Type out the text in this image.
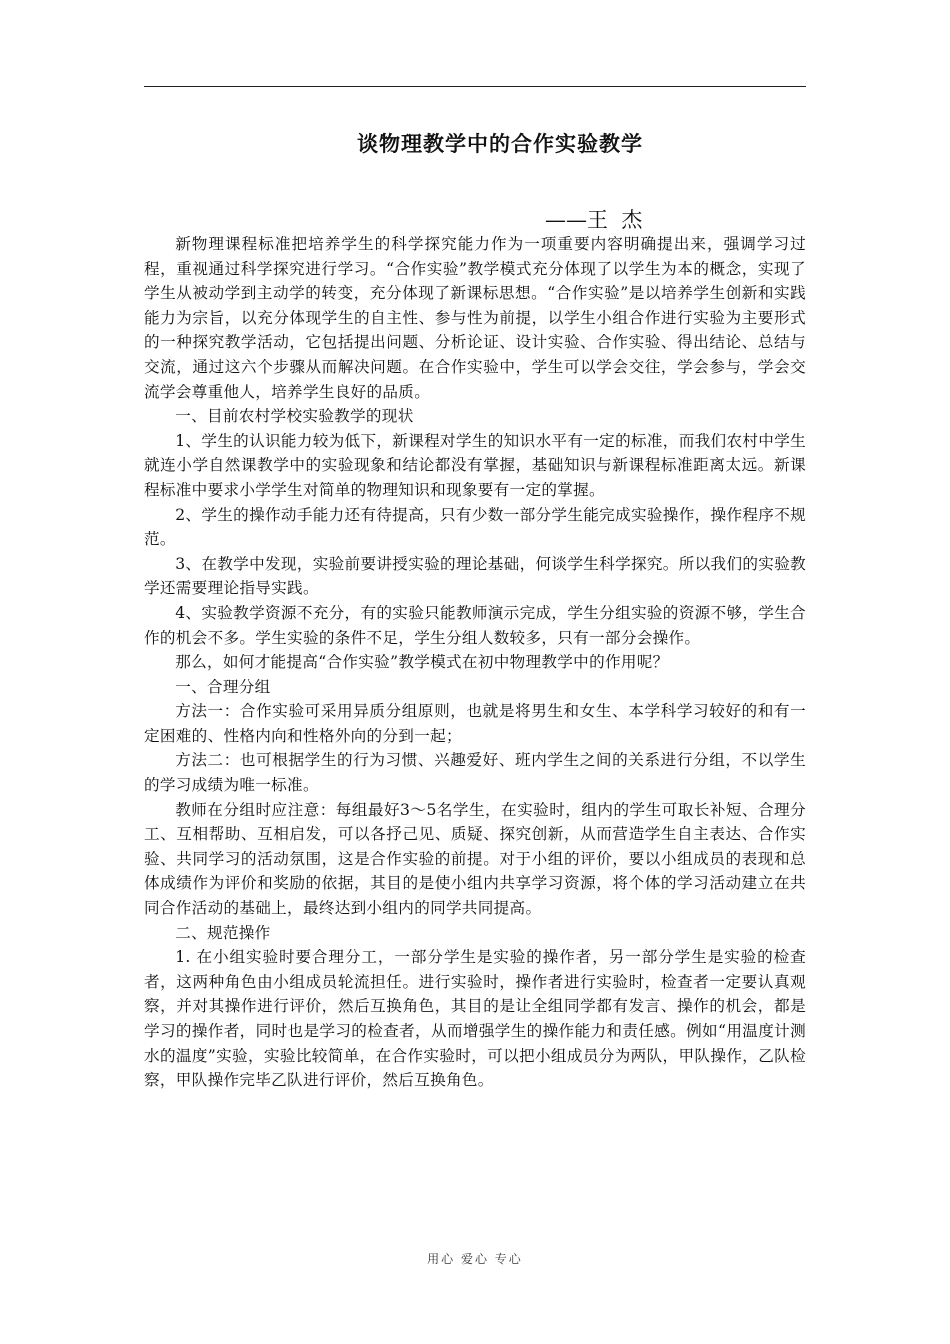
谈物理教学中的合作实验教学
——王  杰

新物理课程标准把培养学生的科学探究能力作为一项重要内容明确提出来，强调学习过程，重视通过科学探究进行学习。“合作实验”教学模式充分体现了以学生为本的概念，实现了学生从被动学到主动学的转变，充分体现了新课标思想。“合作实验”是以培养学生创新和实践能力为宗旨，以充分体现学生的自主性、参与性为前提，以学生小组合作进行实验为主要形式的一种探究教学活动，它包括提出问题、分析论证、设计实验、合作实验、得出结论、总结与交流，通过这六个步骤从而解决问题。在合作实验中，学生可以学会交往，学会参与，学会交流学会尊重他人，培养学生良好的品质。

一、目前农村学校实验教学的现状

1、学生的认识能力较为低下，新课程对学生的知识水平有一定的标准，而我们农村中学生就连小学自然课教学中的实验现象和结论都没有掌握，基础知识与新课程标准距离太远。新课程标准中要求小学学生对简单的物理知识和现象要有一定的掌握。

2、学生的操作动手能力还有待提高，只有少数一部分学生能完成实验操作，操作程序不规范。

3、在教学中发现，实验前要讲授实验的理论基础，何谈学生科学探究。所以我们的实验教学还需要理论指导实践。

4、实验教学资源不充分，有的实验只能教师演示完成，学生分组实验的资源不够，学生合作的机会不多。学生实验的条件不足，学生分组人数较多，只有一部分会操作。

那么，如何才能提高“合作实验”教学模式在初中物理教学中的作用呢？

一、合理分组

方法一：合作实验可采用异质分组原则，也就是将男生和女生、本学科学习较好的和有一定困难的、性格内向和性格外向的分到一起；

方法二：也可根据学生的行为习惯、兴趣爱好、班内学生之间的关系进行分组，不以学生的学习成绩为唯一标准。

教师在分组时应注意：每组最好3～5名学生，在实验时，组内的学生可取长补短、合理分工、互相帮助、互相启发，可以各抒己见、质疑、探究创新，从而营造学生自主表达、合作实验、共同学习的活动氛围，这是合作实验的前提。对于小组的评价，要以小组成员的表现和总体成绩作为评价和奖励的依据，其目的是使小组内共享学习资源，将个体的学习活动建立在共同合作活动的基础上，最终达到小组内的同学共同提高。

二、规范操作

1. 在小组实验时要合理分工，一部分学生是实验的操作者，另一部分学生是实验的检查者，这两种角色由小组成员轮流担任。进行实验时，操作者进行实验时，检查者一定要认真观察，并对其操作进行评价，然后互换角色，其目的是让全组同学都有发言、操作的机会，都是学习的操作者，同时也是学习的检查者，从而增强学生的操作能力和责任感。例如“用温度计测水的温度”实验，实验比较简单，在合作实验时，可以把小组成员分为两队，甲队操作，乙队检察，甲队操作完毕乙队进行评价，然后互换角色。

用心 爱心 专心
